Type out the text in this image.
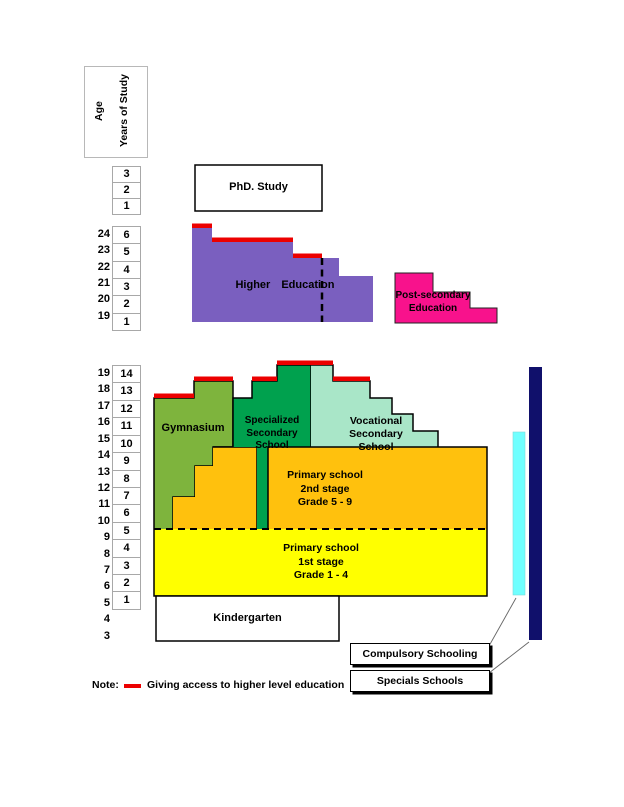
Age	Years of Study
3
2
1
24
23
22
21
20
19
6
5
4
3
2
1
19
18
17
16
15
14
13
12
11
10
9
8
7
6
5
4
3
14
13
12
11
10
9
8
7
6
5
4
3
2
1
PhD. Study
Higher Education
Post-secondary
Education
Gymnasium
Specialized
Secondary School
Vocational
Secondary School
Primary school
2nd stage
Grade 5 - 9
Primary school
1st stage
Grade 1 - 4
Kindergarten
Compulsory Schooling
Specials Schools
Note:	Giving access to higher level education
